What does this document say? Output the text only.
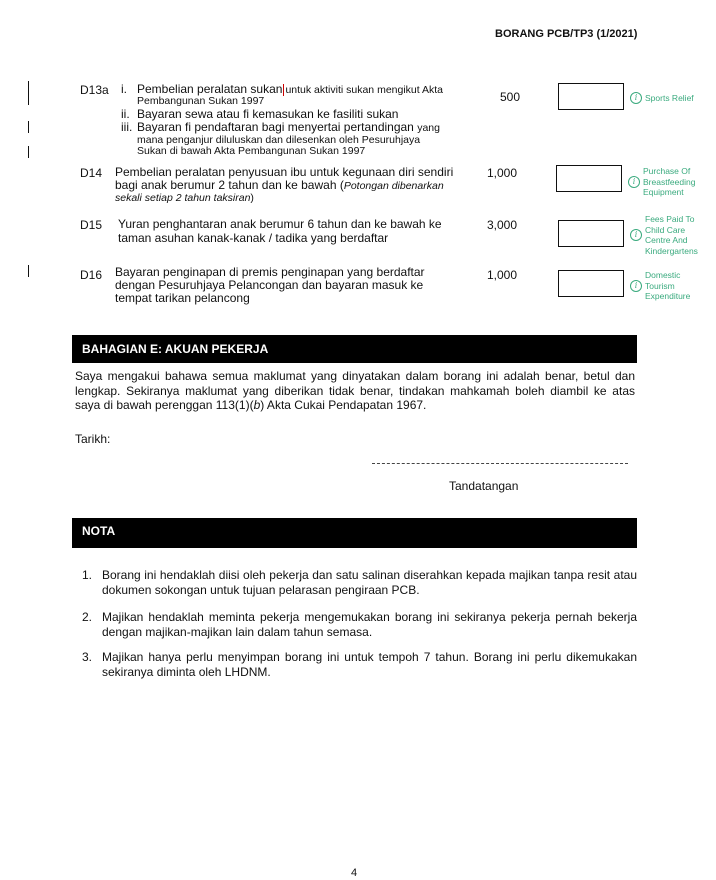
BORANG PCB/TP3 (1/2021)
D13a i. Pembelian peralatan sukan untuk aktiviti sukan mengikut Akta
Pembangunan Sukan 1997
ii. Bayaran sewa atau fi kemasukan ke fasiliti sukan
iii. Bayaran fi pendaftaran bagi menyertai pertandingan yang
mana penganjur diluluskan dan dilesenkan oleh Pesuruhjaya
Sukan di bawah Akta Pembangunan Sukan 1997
500	i Sports Relief
D14 Pembelian peralatan penyusuan ibu untuk kegunaan diri sendiri
bagi anak berumur 2 tahun dan ke bawah (Potongan dibenarkan
sekali setiap 2 tahun taksiran)
1,000
i
Purchase Of
Breastfeeding
Equipment
D15 Yuran penghantaran anak berumur 6 tahun dan ke bawah ke
taman asuhan kanak-kanak / tadika yang berdaftar
3,000
i
Fees Paid To
Child Care
Centre And
Kindergartens
D16 Bayaran penginapan di premis penginapan yang berdaftar
dengan Pesuruhjaya Pelancongan dan bayaran masuk ke
tempat tarikan pelancong
1,000
i
Domestic
Tourism
Expenditure
BAHAGIAN E: AKUAN PEKERJA
Saya mengakui bahawa semua maklumat yang dinyatakan dalam borang ini adalah benar, betul dan lengkap. Sekiranya maklumat yang diberikan tidak benar, tindakan mahkamah boleh diambil ke atas saya di bawah perenggan 113(1)(b) Akta Cukai Pendapatan 1967.
Tarikh:
Tandatangan
NOTA
1. Borang ini hendaklah diisi oleh pekerja dan satu salinan diserahkan kepada majikan tanpa resit atau dokumen sokongan untuk tujuan pelarasan pengiraan PCB.
2. Majikan hendaklah meminta pekerja mengemukakan borang ini sekiranya pekerja pernah bekerja dengan majikan-majikan lain dalam tahun semasa.
3. Majikan hanya perlu menyimpan borang ini untuk tempoh 7 tahun. Borang ini perlu dikemukakan sekiranya diminta oleh LHDNM.
4
